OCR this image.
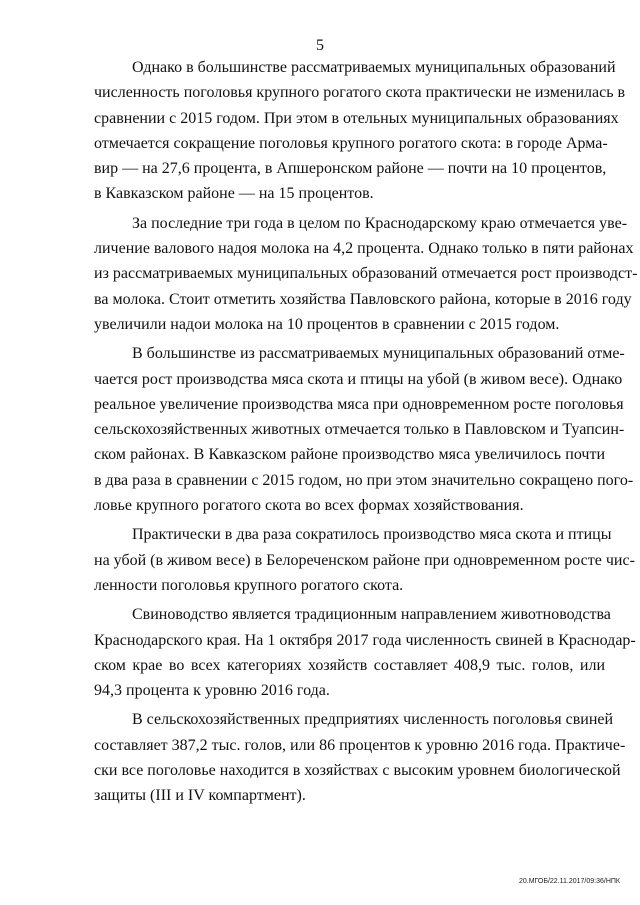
5
Однако в большинстве рассматриваемых муниципальных образований
численность поголовья крупного рогатого скота практически не изменилась в
сравнении с 2015 годом. При этом в отельных муниципальных образованиях
отмечается сокращение поголовья крупного рогатого скота: в городе Арма-
вир — на 27,6 процента, в Апшеронском районе — почти на 10 процентов,
в Кавказском районе — на 15 процентов.
За последние три года в целом по Краснодарскому краю отмечается уве-
личение валового надоя молока на 4,2 процента. Однако только в пяти районах
из рассматриваемых муниципальных образований отмечается рост производст-
ва молока. Стоит отметить хозяйства Павловского района, которые в 2016 году
увеличили надои молока на 10 процентов в сравнении с 2015 годом.
В большинстве из рассматриваемых муниципальных образований отме-
чается рост производства мяса скота и птицы на убой (в живом весе). Однако
реальное увеличение производства мяса при одновременном росте поголовья
сельскохозяйственных животных отмечается только в Павловском и Туапсин-
ском районах. В Кавказском районе производство мяса увеличилось почти
в два раза в сравнении с 2015 годом, но при этом значительно сокращено пого-
ловье крупного рогатого скота во всех формах хозяйствования.
Практически в два раза сократилось производство мяса скота и птицы
на убой (в живом весе) в Белореченском районе при одновременном росте чис-
ленности поголовья крупного рогатого скота.
Свиноводство является традиционным направлением животноводства
Краснодарского края. На 1 октября 2017 года численность свиней в Краснодар-
ском крае во всех категориях хозяйств составляет 408,9 тыс. голов, или
94,3 процента к уровню 2016 года.
В сельскохозяйственных предприятиях численность поголовья свиней
составляет 387,2 тыс. голов, или 86 процентов к уровню 2016 года. Практиче-
ски все поголовье находится в хозяйствах с высоким уровнем биологической
защиты (III и IV компартмент).
20.МГОБ/22.11.2017/09:36/НПК
